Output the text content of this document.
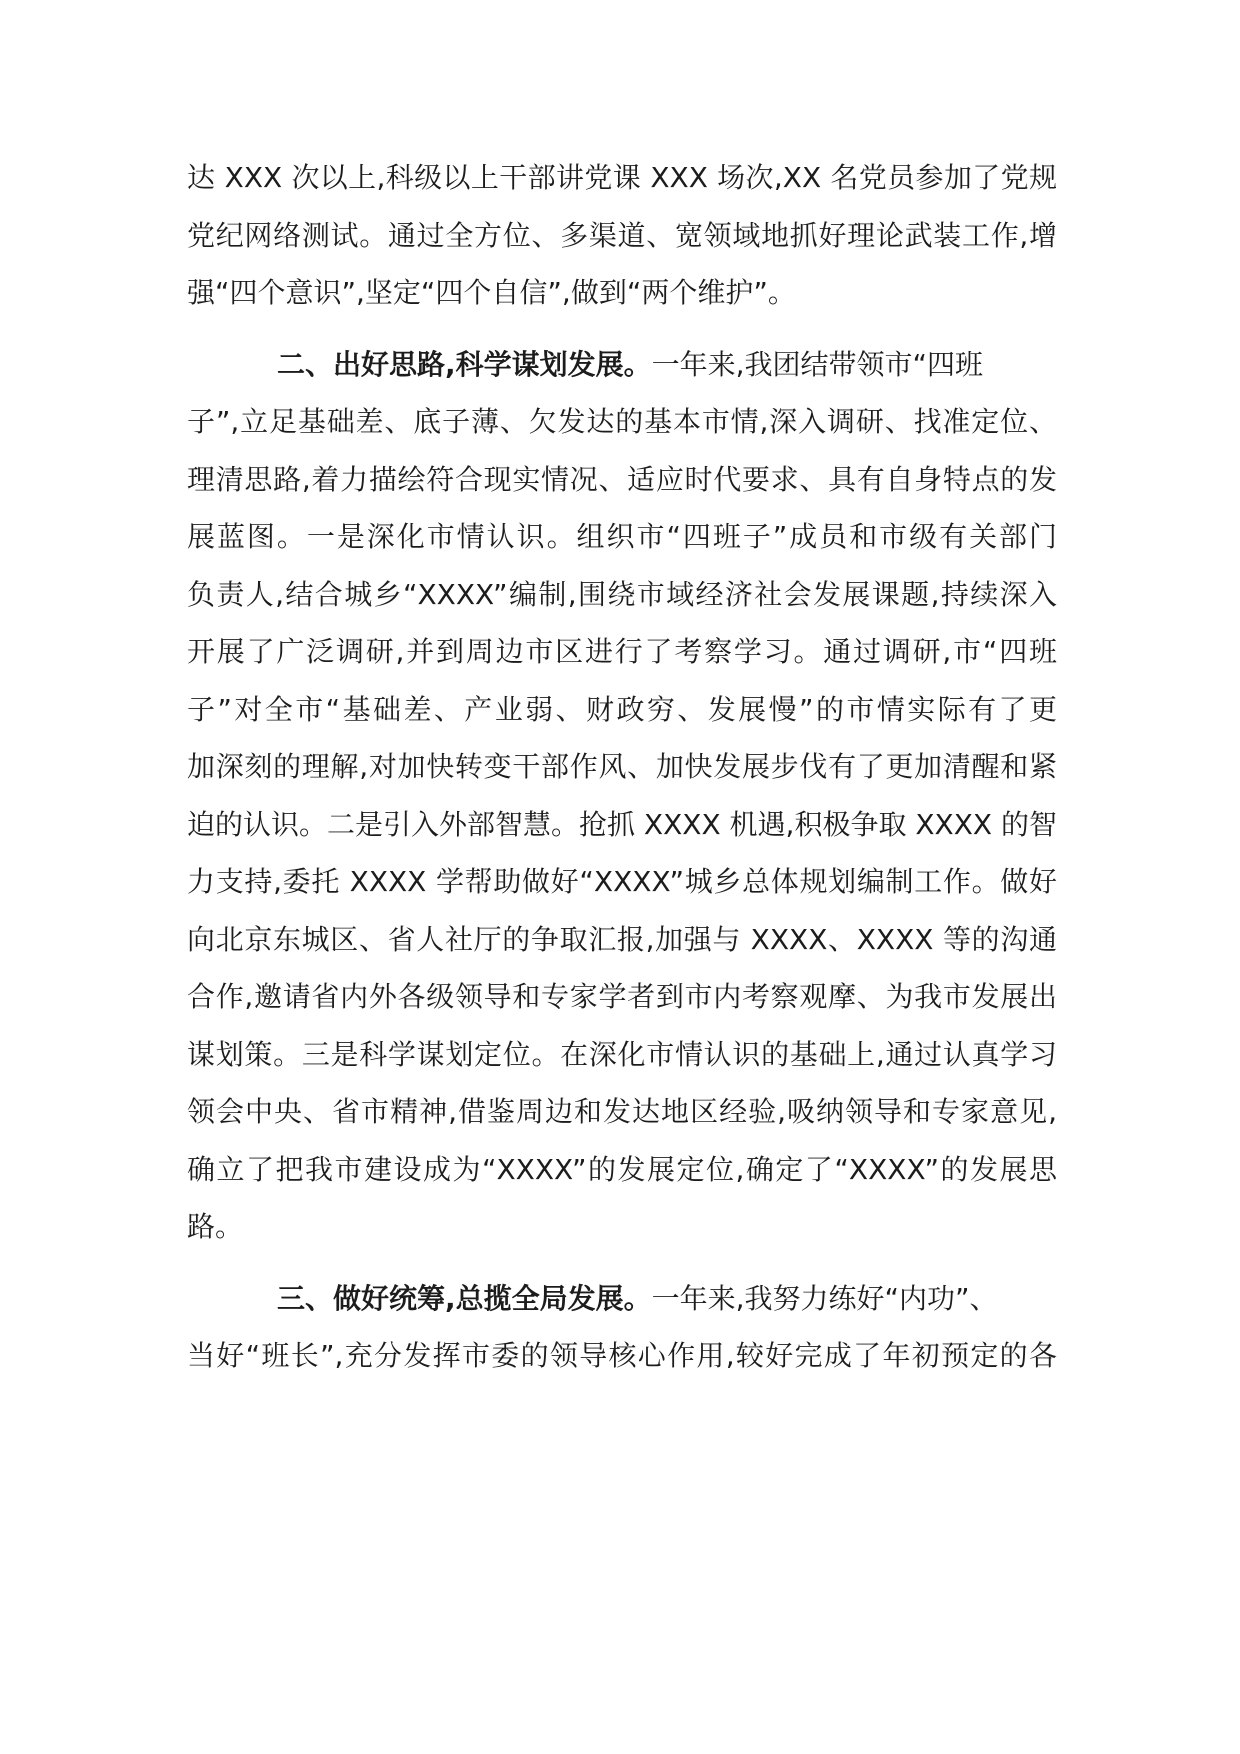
达 XXX 次以上,科级以上干部讲党课 XXX 场次,XX 名党员参加了党规
党纪网络测试。通过全方位、多渠道、宽领域地抓好理论武装工作,增
强“四个意识”,坚定“四个自信”,做到“两个维护”。
二、出好思路,科学谋划发展。一年来,我团结带领市“四班
子”,立足基础差、底子薄、欠发达的基本市情,深入调研、找准定位、
理清思路,着力描绘符合现实情况、适应时代要求、具有自身特点的发
展蓝图。一是深化市情认识。组织市“四班子”成员和市级有关部门
负责人,结合城乡“XXXX”编制,围绕市域经济社会发展课题,持续深入
开展了广泛调研,并到周边市区进行了考察学习。通过调研,市“四班
子”对全市“基础差、产业弱、财政穷、发展慢”的市情实际有了更
加深刻的理解,对加快转变干部作风、加快发展步伐有了更加清醒和紧
迫的认识。二是引入外部智慧。抢抓 XXXX 机遇,积极争取 XXXX 的智
力支持,委托 XXXX 学帮助做好“XXXX”城乡总体规划编制工作。做好
向北京东城区、省人社厅的争取汇报,加强与 XXXX、XXXX 等的沟通
合作,邀请省内外各级领导和专家学者到市内考察观摩、为我市发展出
谋划策。三是科学谋划定位。在深化市情认识的基础上,通过认真学习
领会中央、省市精神,借鉴周边和发达地区经验,吸纳领导和专家意见,
确立了把我市建设成为“XXXX”的发展定位,确定了“XXXX”的发展思
路。
三、做好统筹,总揽全局发展。一年来,我努力练好“内功”、
当好“班长”,充分发挥市委的领导核心作用,较好完成了年初预定的各
